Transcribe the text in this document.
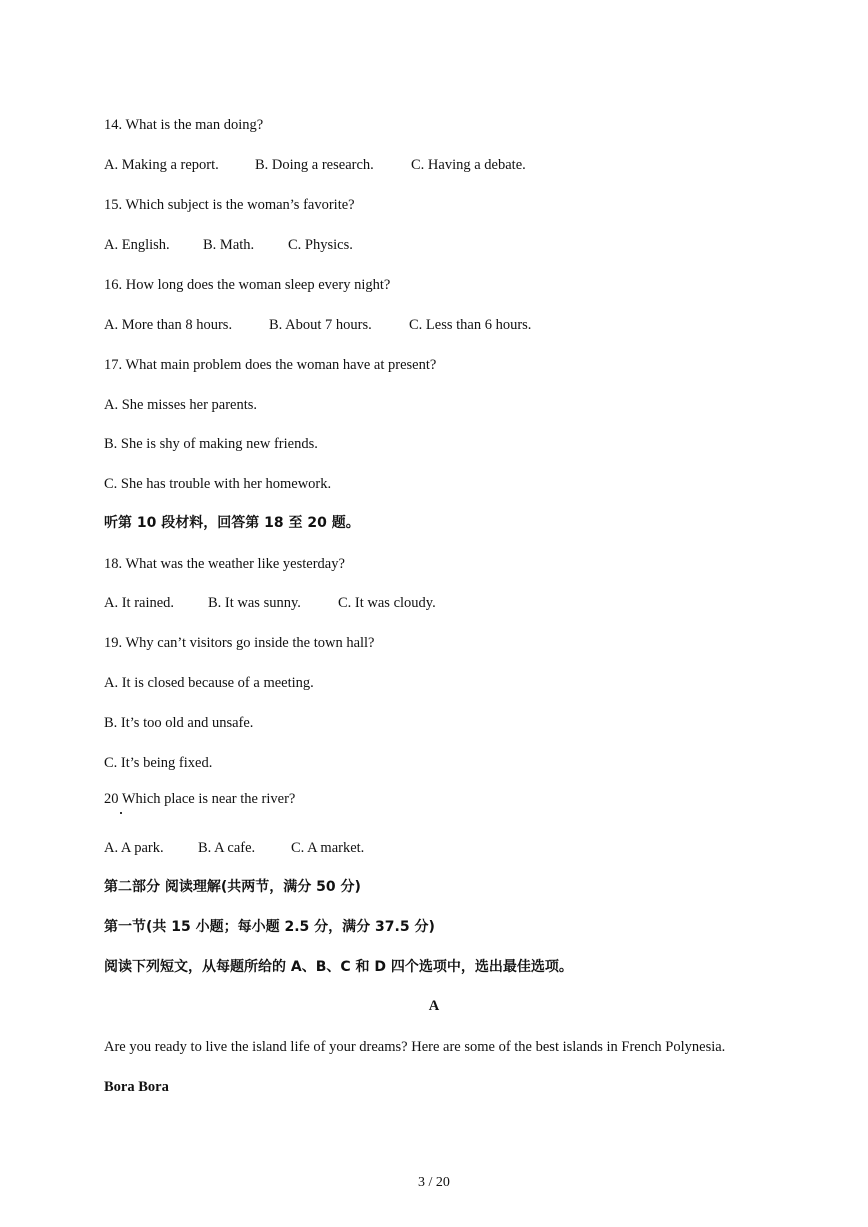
14. What is the man doing?
A. Making a report. B. Doing a research.	C. Having a debate.
15. Which subject is the woman’s favorite?
A. English. B. Math. C. Physics.
16. How long does the woman sleep every night?
A. More than 8 hours.	B. About 7 hours.	C. Less than 6 hours.
17. What main problem does the woman have at present?
A. She misses her parents.
B. She is shy of making new friends.
C. She has trouble with her homework.
听第 10 段材料，回答第 18 至 20 题。
18. What was the weather like yesterday?
A. It rained. B. It was sunny.	C. It was cloudy.
19. Why can’t visitors go inside the town hall?
A. It is closed because of a meeting.
B. It’s too old and unsafe.
C. It’s being fixed.
20 Which place is near the river?
A. A park. B. A cafe. C. A market.
第二部分 阅读理解(共两节，满分 50 分)
第一节(共 15 小题；每小题 2.5 分，满分 37.5 分)
阅读下列短文，从每题所给的 A、B、C 和 D 四个选项中，选出最佳选项。
A
Are you ready to live the island life of your dreams? Here are some of the best islands in French Polynesia.
Bora Bora
3 / 20
